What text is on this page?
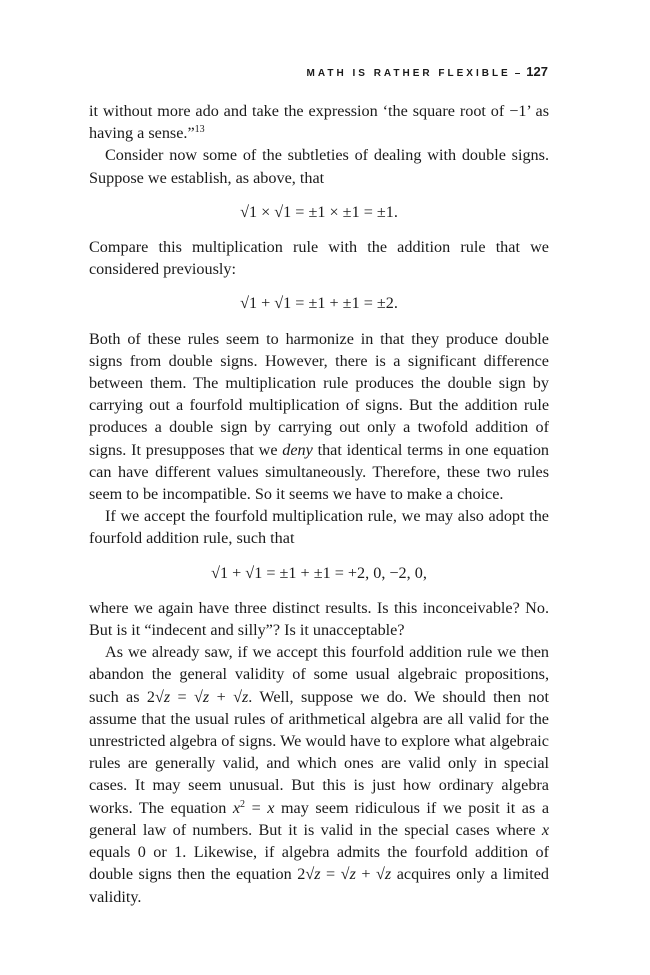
MATH IS RATHER FLEXIBLE – 127

it without more ado and take the expression ‘the square root of −1’ as having a sense.”$^{13}$

Consider now some of the subtleties of dealing with double signs. Suppose we establish, as above, that

√1 × √1 = ±1 × ±1 = ±1.

Compare this multiplication rule with the addition rule that we considered previously:

√1 + √1 = ±1 + ±1 = ±2.

Both of these rules seem to harmonize in that they produce double signs from double signs. However, there is a significant difference between them. The multiplication rule produces the double sign by carrying out a fourfold multiplication of signs. But the addition rule produces a double sign by carrying out only a twofold addition of signs. It presupposes that we deny that identical terms in one equation can have different values simultaneously. Therefore, these two rules seem to be incompatible. So it seems we have to make a choice.

If we accept the fourfold multiplication rule, we may also adopt the fourfold addition rule, such that

√1 + √1 = ±1 + ±1 = +2, 0, −2, 0,

where we again have three distinct results. Is this inconceivable? No. But is it “indecent and silly”? Is it unacceptable?

As we already saw, if we accept this fourfold addition rule we then abandon the general validity of some usual algebraic propositions, such as 2√z = √z + √z. Well, suppose we do. We should then not assume that the usual rules of arithmetical algebra are all valid for the unrestricted algebra of signs. We would have to explore what algebraic rules are generally valid, and which ones are valid only in special cases. It may seem unusual. But this is just how ordinary algebra works. The equation $x^2 = x$ may seem ridiculous if we posit it as a general law of numbers. But it is valid in the special cases where x equals 0 or 1. Likewise, if algebra admits the fourfold addition of double signs then the equation 2√z = √z + √z acquires only a limited validity.
